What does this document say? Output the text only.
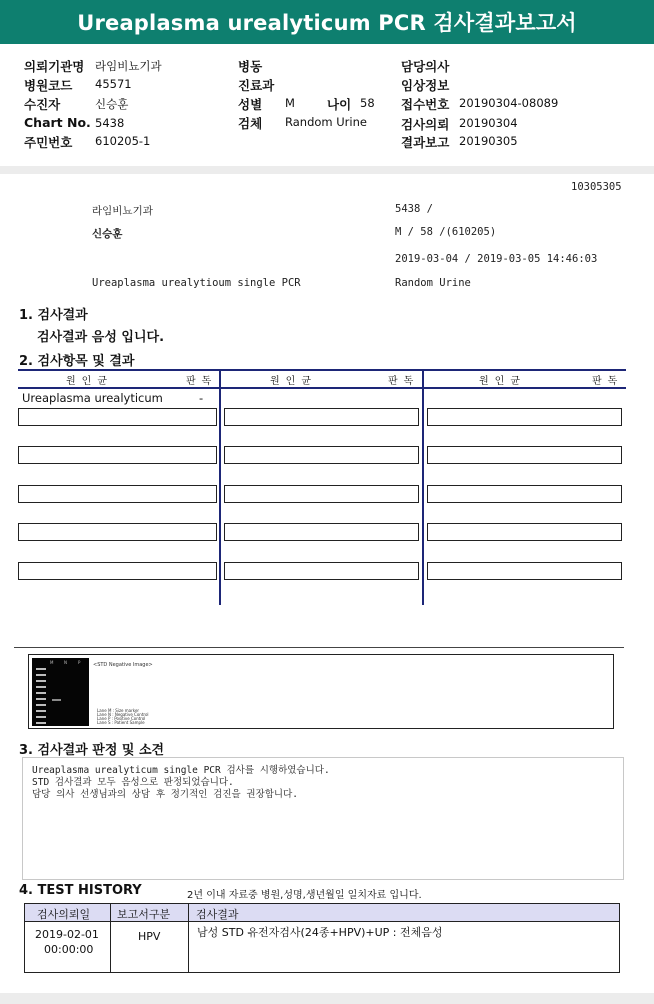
Ureaplasma urealyticum PCR 검사결과보고서
의뢰기관명 라임비뇨기과
병원코드 45571
수진자	신승훈
Chart No. 5438
주민번호 610205-1
병동
진료과
성별 M	나이 58
검체 Random Urine
담당의사
임상정보
접수번호 20190304-08089
검사의뢰 20190304
결과보고 20190305
10305305
라임비뇨기과	5438 /
신승훈	M / 58 /(610205)
2019-03-04 / 2019-03-05 14:46:03
Ureaplasma urealytioum single PCR	Random Urine
1. 검사결과
검사결과 음성 입니다.
2. 검사항목 및 결과
원인균	판독	원인균	판독	원인균	판독
Ureaplasma urealyticum	-
M	N	P	<STD Negative Image>
Lane M : Size marker
Lane N : Negative Control
Lane P : Positive Control
Lane S : Patient Sample
3. 검사결과 판정 및 소견
Ureaplasma urealyticum single PCR 검사를 시행하였습니다.
STD 검사결과 모두 음성으로 판정되었습니다.
담당 의사 선생님과의 상담 후 정기적인 검진을 권장합니다.
4. TEST HISTORY	2년 이내 자료중 병원,성명,생년월일 일치자료 입니다.
검사의뢰일 보고서구분 검사결과
2019-02-01
00:00:00
HPV	남성 STD 유전자검사(24종+HPV)+UP : 전체음성
